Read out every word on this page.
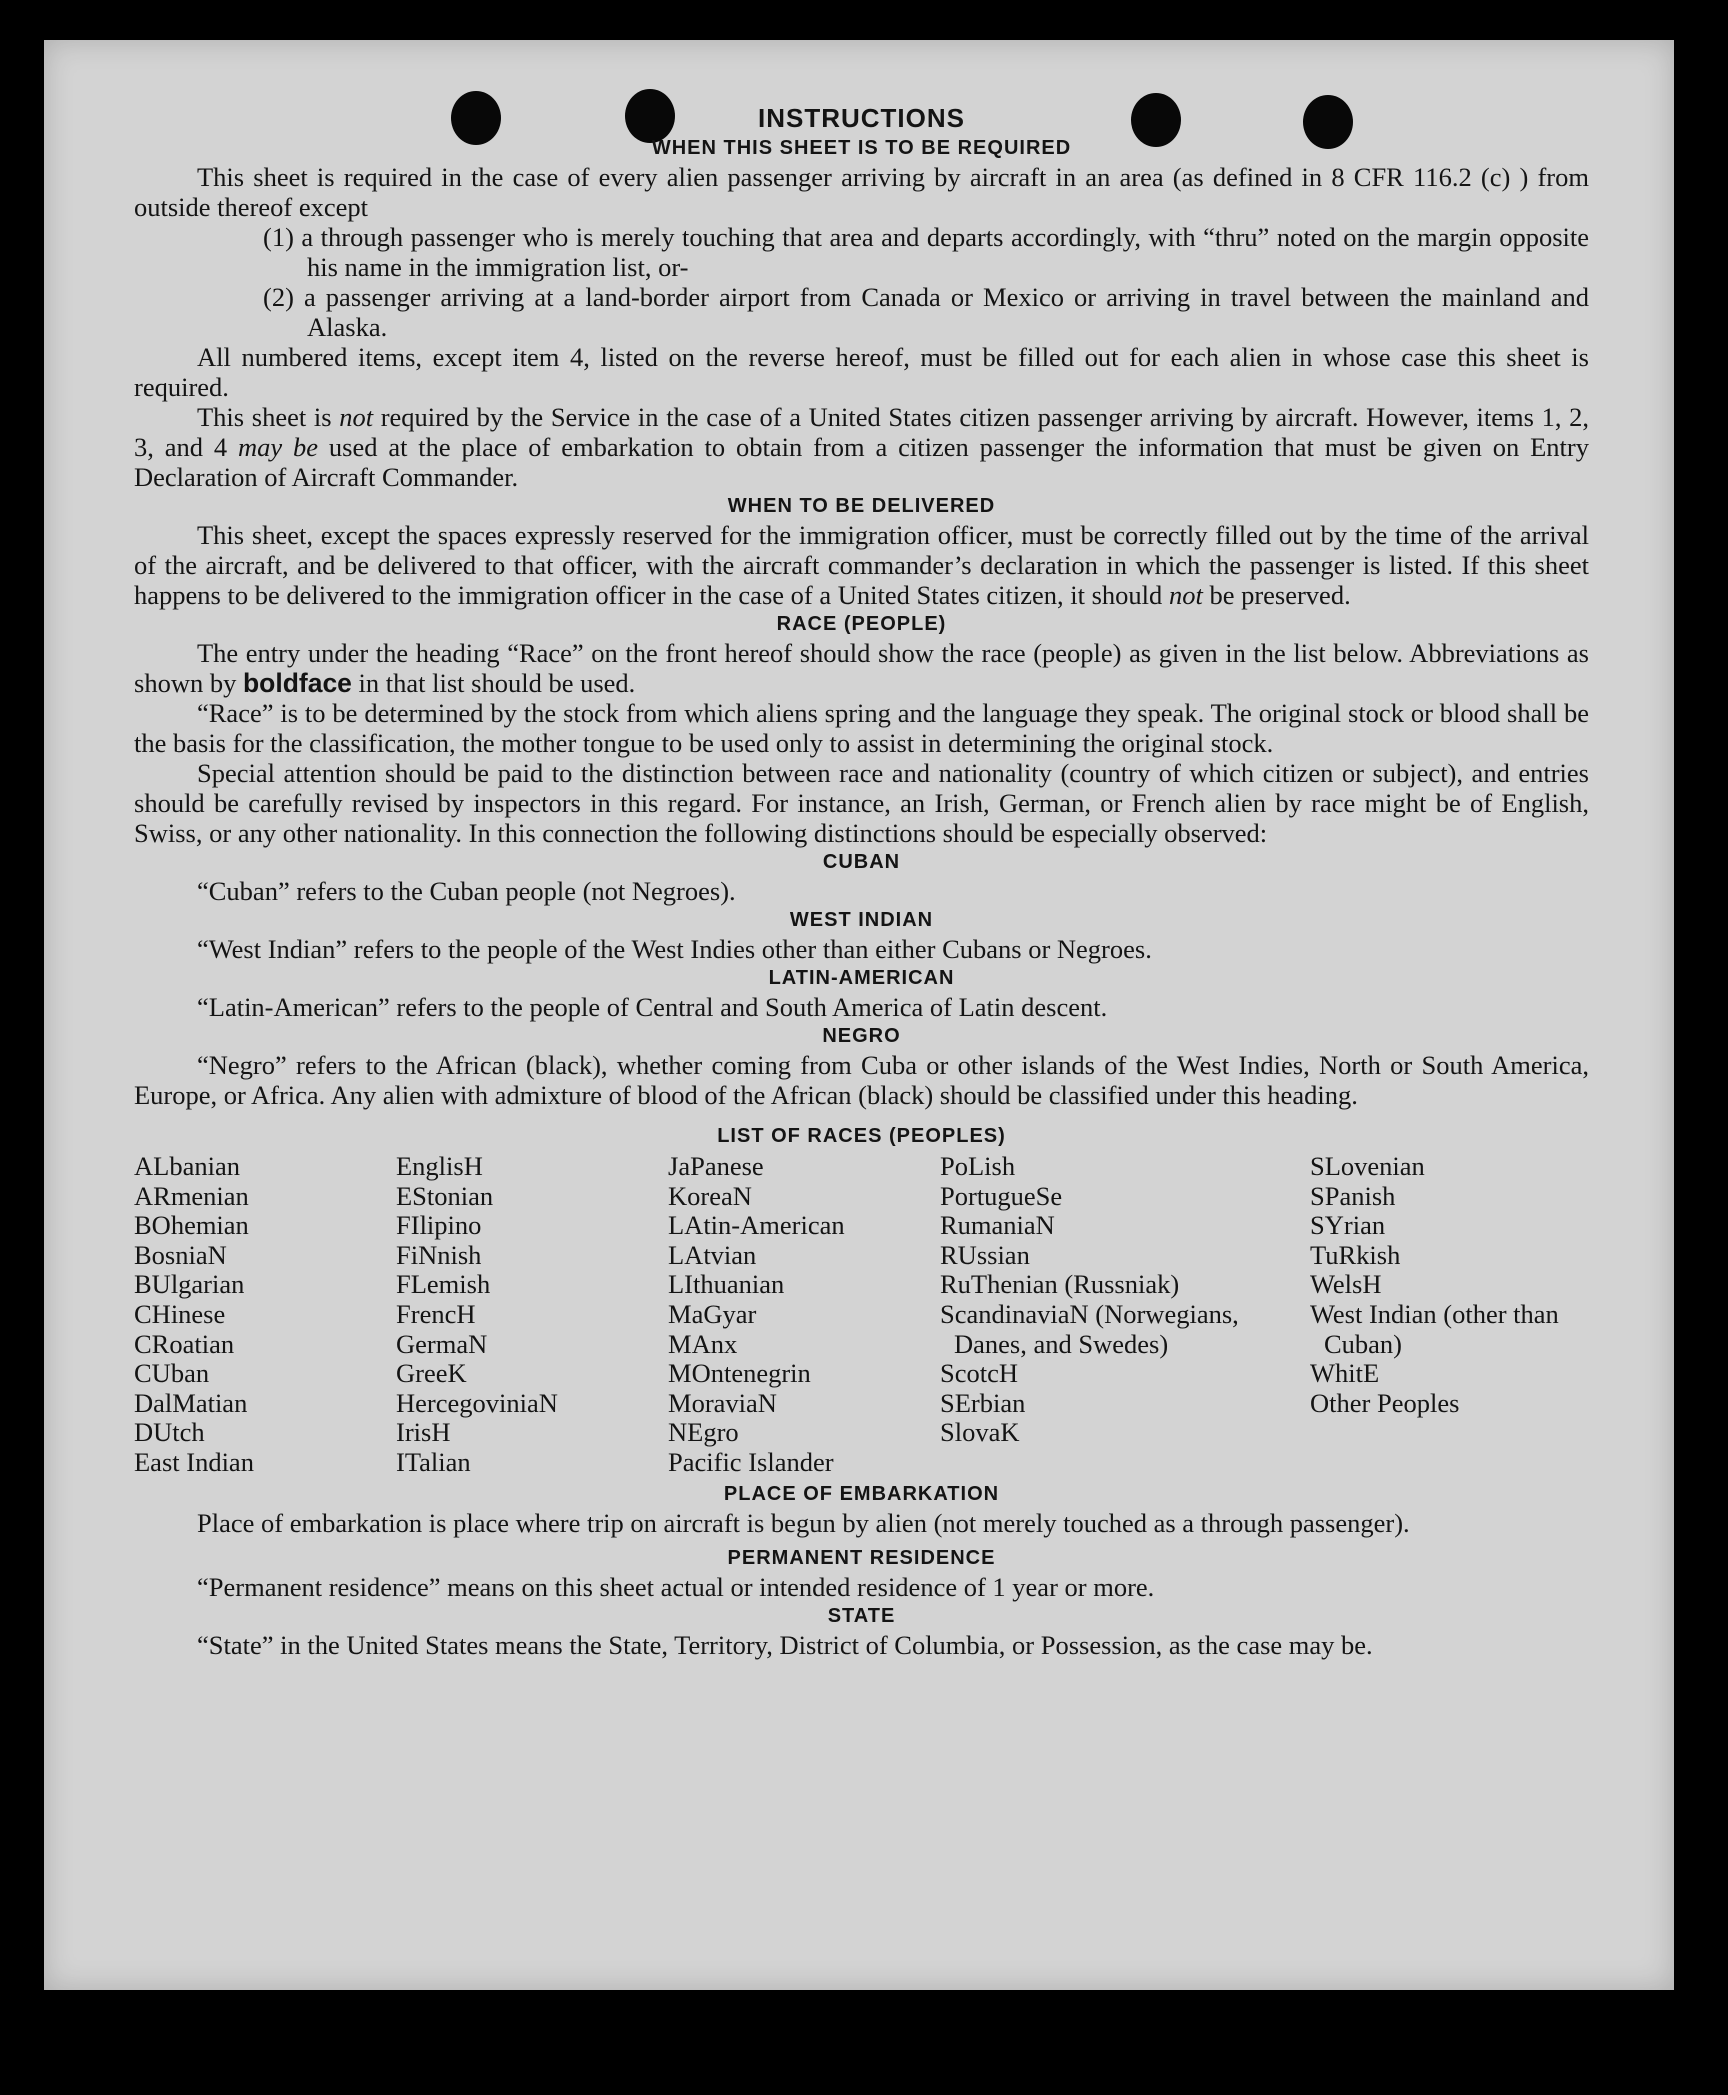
INSTRUCTIONS
WHEN THIS SHEET IS TO BE REQUIRED

This sheet is required in the case of every alien passenger arriving by aircraft in an area (as defined in 8 CFR 116.2 (c) ) from outside thereof except

(1) a through passenger who is merely touching that area and departs accordingly, with “thru” noted on the margin opposite his name in the immigration list, or-

(2) a passenger arriving at a land-border airport from Canada or Mexico or arriving in travel between the mainland and Alaska.

All numbered items, except item 4, listed on the reverse hereof, must be filled out for each alien in whose case this sheet is required.

This sheet is not required by the Service in the case of a United States citizen passenger arriving by aircraft. However, items 1, 2, 3, and 4 may be used at the place of embarkation to obtain from a citizen passenger the information that must be given on Entry Declaration of Aircraft Commander.

WHEN TO BE DELIVERED

This sheet, except the spaces expressly reserved for the immigration officer, must be correctly filled out by the time of the arrival of the aircraft, and be delivered to that officer, with the aircraft commander’s declaration in which the passenger is listed. If this sheet happens to be delivered to the immigration officer in the case of a United States citizen, it should not be preserved.

RACE (PEOPLE)

The entry under the heading “Race” on the front hereof should show the race (people) as given in the list below. Abbreviations as shown by boldface in that list should be used.

“Race” is to be determined by the stock from which aliens spring and the language they speak. The original stock or blood shall be the basis for the classification, the mother tongue to be used only to assist in determining the original stock.

Special attention should be paid to the distinction between race and nationality (country of which citizen or subject), and entries should be carefully revised by inspectors in this regard. For instance, an Irish, German, or French alien by race might be of English, Swiss, or any other nationality. In this connection the following distinctions should be especially observed:

CUBAN

“Cuban” refers to the Cuban people (not Negroes).

WEST INDIAN

“West Indian” refers to the people of the West Indies other than either Cubans or Negroes.

LATIN-AMERICAN

“Latin-American” refers to the people of Central and South America of Latin descent.

NEGRO

“Negro” refers to the African (black), whether coming from Cuba or other islands of the West Indies, North or South America, Europe, or Africa. Any alien with admixture of blood of the African (black) should be classified under this heading.

LIST OF RACES (PEOPLES)
ALbanian
ARmenian
BOhemian
BosniaN
BUlgarian
CHinese
CRoatian
CUban
DalMatian
DUtch
East Indian
EnglisH
EStonian
FIlipino
FiNnish
FLemish
FrencH
GermaN
GreeK
HercegoviniaN
IrisH
ITalian
JaPanese
KoreaN
LAtin-American
LAtvian
LIthuanian
MaGyar
MAnx
MOntenegrin
MoraviaN
NEgro
Pacific Islander
PoLish
PortugueSe
RumaniaN
RUssian
RuThenian (Russniak)
ScandinaviaN (Norwegians, Danes, and Swedes)
ScotcH
SErbian
SlovaK
SLovenian
SPanish
SYrian
TuRkish
WelsH
West Indian (other than Cuban)
WhitE
Other Peoples
PLACE OF EMBARKATION

Place of embarkation is place where trip on aircraft is begun by alien (not merely touched as a through passenger).

PERMANENT RESIDENCE

“Permanent residence” means on this sheet actual or intended residence of 1 year or more.

STATE

“State” in the United States means the State, Territory, District of Columbia, or Possession, as the case may be.
